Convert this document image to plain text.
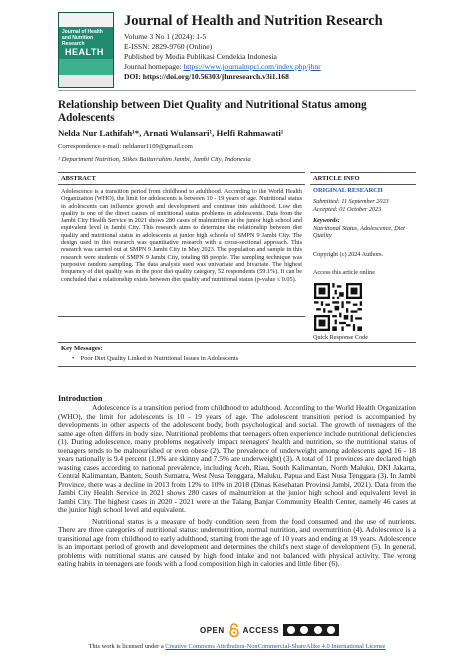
Journal of Health and Nutrition Research
HEALTH
Journal of Health and Nutrition Research
Volume 3 No 1 (2024): 1-5
E-ISSN: 2829-9760 (Online)
Published by Media Publikasi Cendekia Indonesia
Journal homepage: https://www.journalmpci.com/index.php/jhnr
DOI: https://doi.org/10.56303/jhnresearch.v3i1.168
Relationship between Diet Quality and Nutritional Status among Adolescents
Nelda Nur Lathifah¹*, Arnati Wulansari¹, Helfi Rahmawati¹
Correspondence e-mail: neldanur1109@gmail.com
¹ Department Nutrition, Stikes Baiturrahim Jambi, Jambi City, Indonesia
ABSTRACT

Adolescence is a transition period from childhood to adulthood. According to the World Health Organization (WHO), the limit for adolescents is between 10 - 19 years of age. Nutritional status in adolescents can influence growth and development and continue into adulthood. Low diet quality is one of the direct causes of nutritional status problems in adolescents. Data from the Jambi City Health Service in 2021 shows 280 cases of malnutrition at the junior high school and equivalent level in Jambi City. This research aims to determine the relationship between diet quality and nutritional status in adolescents at junior high schools of SMPN 9 Jambi City. The design used in this research was quantitative research with a cross-sectional approach. This research was carried out at SMPN 9 Jambi City in May 2023. The population and sample in this research were students of SMPN 9 Jambi City, totaling 88 people. The sampling technique was purposive random sampling. The data analysis used was univariate and bivariate. The highest frequency of diet quality was in the poor diet quality category, 52 respondents (59.1%). It can be concluded that a relationship exists between diet quality and nutritional status (p-value ≤ 0.05).

ARTICLE INFO
ORIGINAL RESEARCH
Submitted: 11 September 2023
Accepted: 01 October 2023
Keywords:
Nutritional Status, Adolescence, Diet Quality
Copyright (c) 2024 Authors.
Access this article online
Quick Response Code
Key Messages:
• Poor Diet Quality Linked to Nutritional Issues in Adolescents
Introduction

Adolescence is a transition period from childhood to adulthood. According to the World Health Organization (WHO), the limit for adolescents is 10 - 19 years of age. The adolescent transition period is accompanied by developments in other aspects of the adolescent body, both psychological and social. The growth of teenagers of the same age often differs in body size. Nutritional problems that teenagers often experience include nutritional deficiencies (1). During adolescence, many problems negatively impact teenagers' health and nutrition, so the nutritional status of teenagers tends to be malnourished or even obese (2). The prevalence of underweight among adolescents aged 16 - 18 years nationally is 9.4 percent (1.9% are skinny and 7.5% are underweight) (3). A total of 11 provinces are declared high wasting cases according to national prevalence, including Aceh, Riau, South Kalimantan, North Maluku, DKI Jakarta, Central Kalimantan, Banten, South Sumatra, West Nusa Tenggara, Maluku, Papua and East Nusa Tenggara (3). In Jambi Province, there was a decline in 2013 from 12% to 10% in 2018 (Dinas Kesehatan Provinsi Jambi, 2021). Data from the Jambi City Health Service in 2021 shows 280 cases of malnutrition at the junior high school and equivalent level in Jambi City. The highest cases in 2020 - 2021 were at the Talang Banjar Community Health Center, namely 46 cases at the junior high school level and equivalent.

Nutritional status is a measure of body condition seen from the food consumed and the use of nutrients. There are three categories of nutritional status: undernutrition, normal nutrition, and overnutrition (4). Adolescence is a transitional age from childhood to early adulthood, starting from the age of 10 years and ending at 19 years. Adolescence is an important period of growth and development and determines the child's next stage of development (5). In general, problems with nutritional status are caused by high food intake and not balanced with physical activity. The wrong eating habits in teenagers are foods with a food composition high in calories and little fiber (6).

OPEN ACCESS
This work is licensed under a Creative Commons Attribution-NonCommercial-ShareAlike 4.0 International License
